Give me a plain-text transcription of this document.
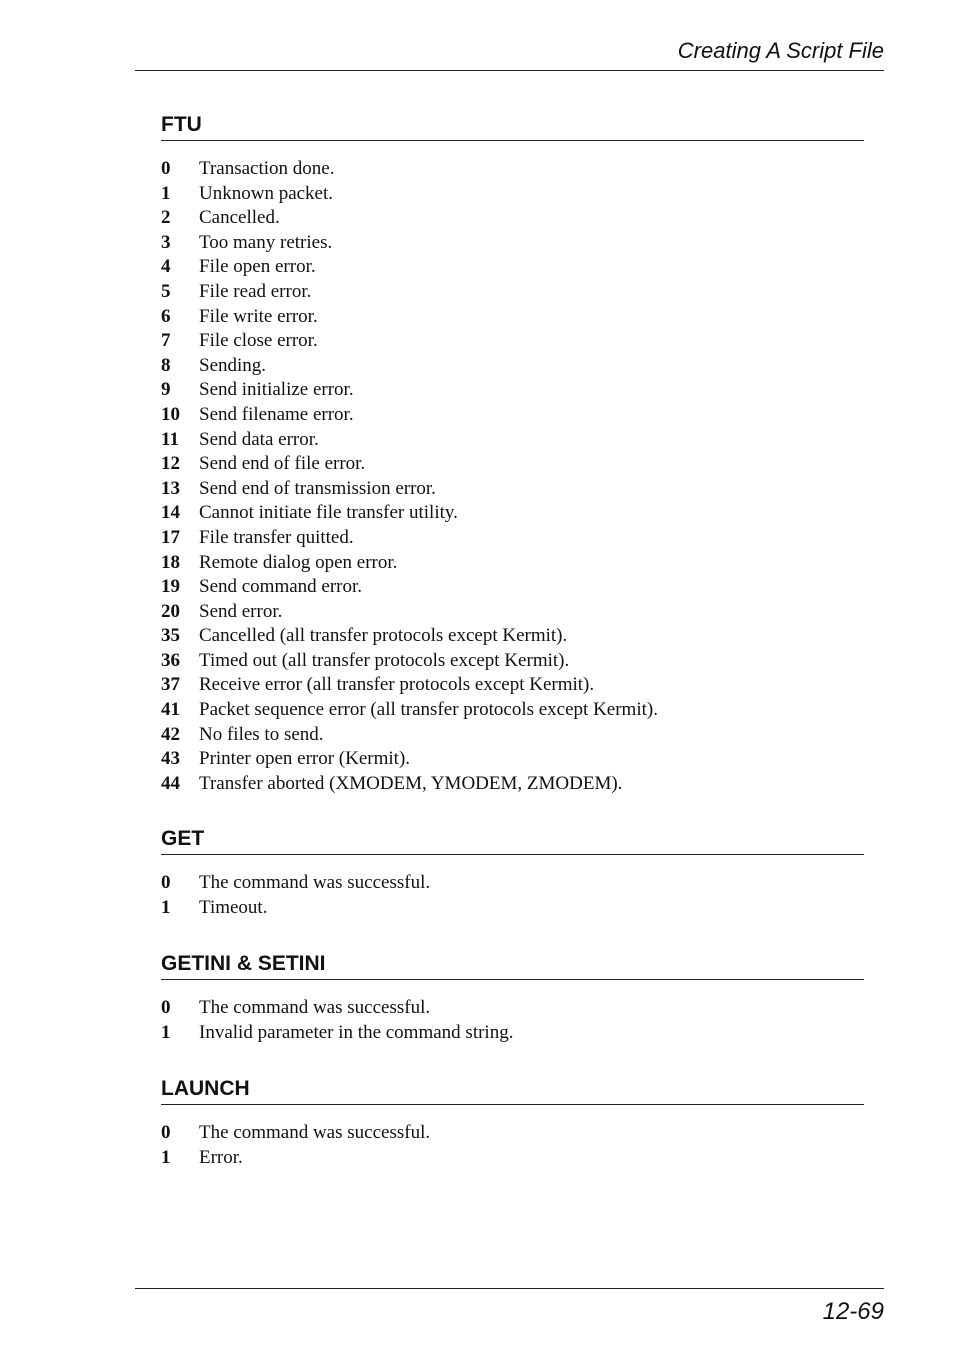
Creating A Script File
FTU
0	Transaction done.
1	Unknown packet.
2	Cancelled.
3	Too many retries.
4	File open error.
5	File read error.
6	File write error.
7	File close error.
8	Sending.
9	Send initialize error.
10	Send filename error.
11	Send data error.
12	Send end of file error.
13	Send end of transmission error.
14	Cannot initiate file transfer utility.
17	File transfer quitted.
18	Remote dialog open error.
19	Send command error.
20	Send error.
35	Cancelled (all transfer protocols except Kermit).
36	Timed out (all transfer protocols except Kermit).
37	Receive error (all transfer protocols except Kermit).
41	Packet sequence error (all transfer protocols except Kermit).
42	No files to send.
43	Printer open error (Kermit).
44	Transfer aborted (XMODEM, YMODEM, ZMODEM).
GET
0	The command was successful.
1	Timeout.
GETINI & SETINI
0	The command was successful.
1	Invalid parameter in the command string.
LAUNCH
0	The command was successful.
1	Error.
12-69
